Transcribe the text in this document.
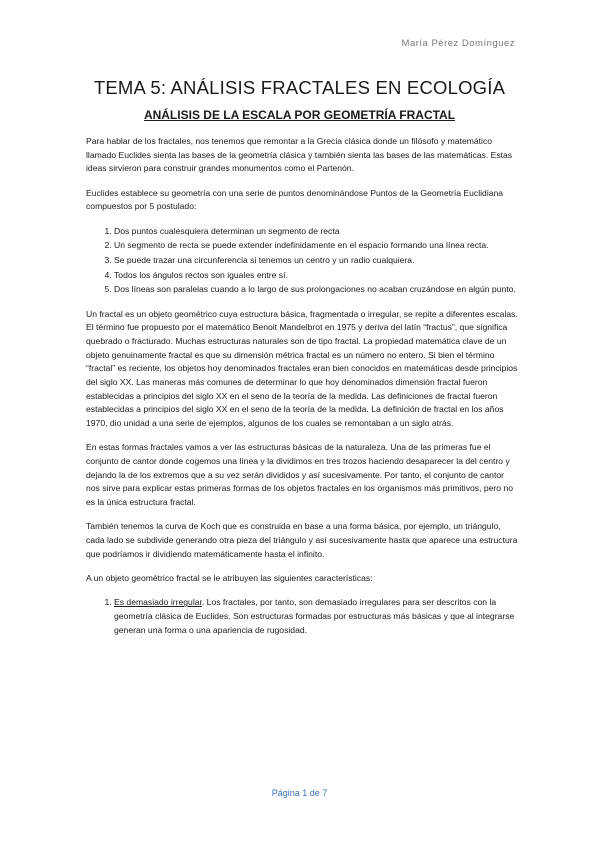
María Pérez Domínguez
TEMA 5: ANÁLISIS FRACTALES EN ECOLOGÍA
ANÁLISIS DE LA ESCALA POR GEOMETRÍA FRACTAL

Para hablar de los fractales, nos tenemos que remontar a la Grecia clásica donde un filósofo y matemático llamado Euclides sienta las bases de la geometría clásica y también sienta las bases de las matemáticas. Estas ideas sirvieron para construir grandes monumentos como el Partenón.

Euclides establece su geometría con una serie de puntos denominándose Puntos de la Geometría Euclidiana compuestos por 5 postulado:

1. Dos puntos cualesquiera determinan un segmento de recta
2. Un segmento de recta se puede extender indefinidamente en el espacio formando una línea recta.
3. Se puede trazar una circunferencia si tenemos un centro y un radio cualquiera.
4. Todos los ángulos rectos son iguales entre sí.
5. Dos líneas son paralelas cuando a lo largo de sus prolongaciones no acaban cruzándose en algún punto.

Un fractal es un objeto geométrico cuya estructura básica, fragmentada o irregular, se repite a diferentes escalas. El término fue propuesto por el matemático Benoit Mandelbrot en 1975 y deriva del latín “fractus”, que significa quebrado o fracturado. Muchas estructuras naturales son de tipo fractal. La propiedad matemática clave de un objeto genuinamente fractal es que su dimensión métrica fractal es un número no entero. Si bien el término “fractal” es reciente, los objetos hoy denominados fractales eran bien conocidos en matemáticas desde principios del siglo XX. Las maneras más comunes de determinar lo que hoy denominados dimensión fractal fueron establecidas a principios del siglo XX en el seno de la teoría de la medida. Las definiciones de fractal fueron establecidas a principios del siglo XX en el seno de la teoría de la medida. La definición de fractal en los años 1970, dio unidad a una serie de ejemplos, algunos de los cuales se remontaban a un siglo atrás.

En estas formas fractales vamos a ver las estructuras básicas de la naturaleza. Una de las primeras fue el conjunto de cantor donde cogemos una línea y la dividimos en tres trozos haciendo desaparecer la del centro y dejando la de los extremos que a su vez serán divididos y así sucesivamente. Por tanto, el conjunto de cantor nos sirve para explicar estas primeras formas de los objetos fractales en los organismos más primitivos, pero no es la única estructura fractal.

También tenemos la curva de Koch que es construida en base a una forma básica, por ejemplo, un triángulo, cada lado se subdivide generando otra pieza del triángulo y así sucesivamente hasta que aparece una estructura que podríamos ir dividiendo matemáticamente hasta el infinito.

A un objeto geométrico fractal se le atribuyen las siguientes características:

1. Es demasiado irregular. Los fractales, por tanto, son demasiado irregulares para ser descritos con la geometría clásica de Euclides. Son estructuras formadas por estructuras más básicas y que al integrarse generan una forma o una apariencia de rugosidad.
Página 1 de 7
